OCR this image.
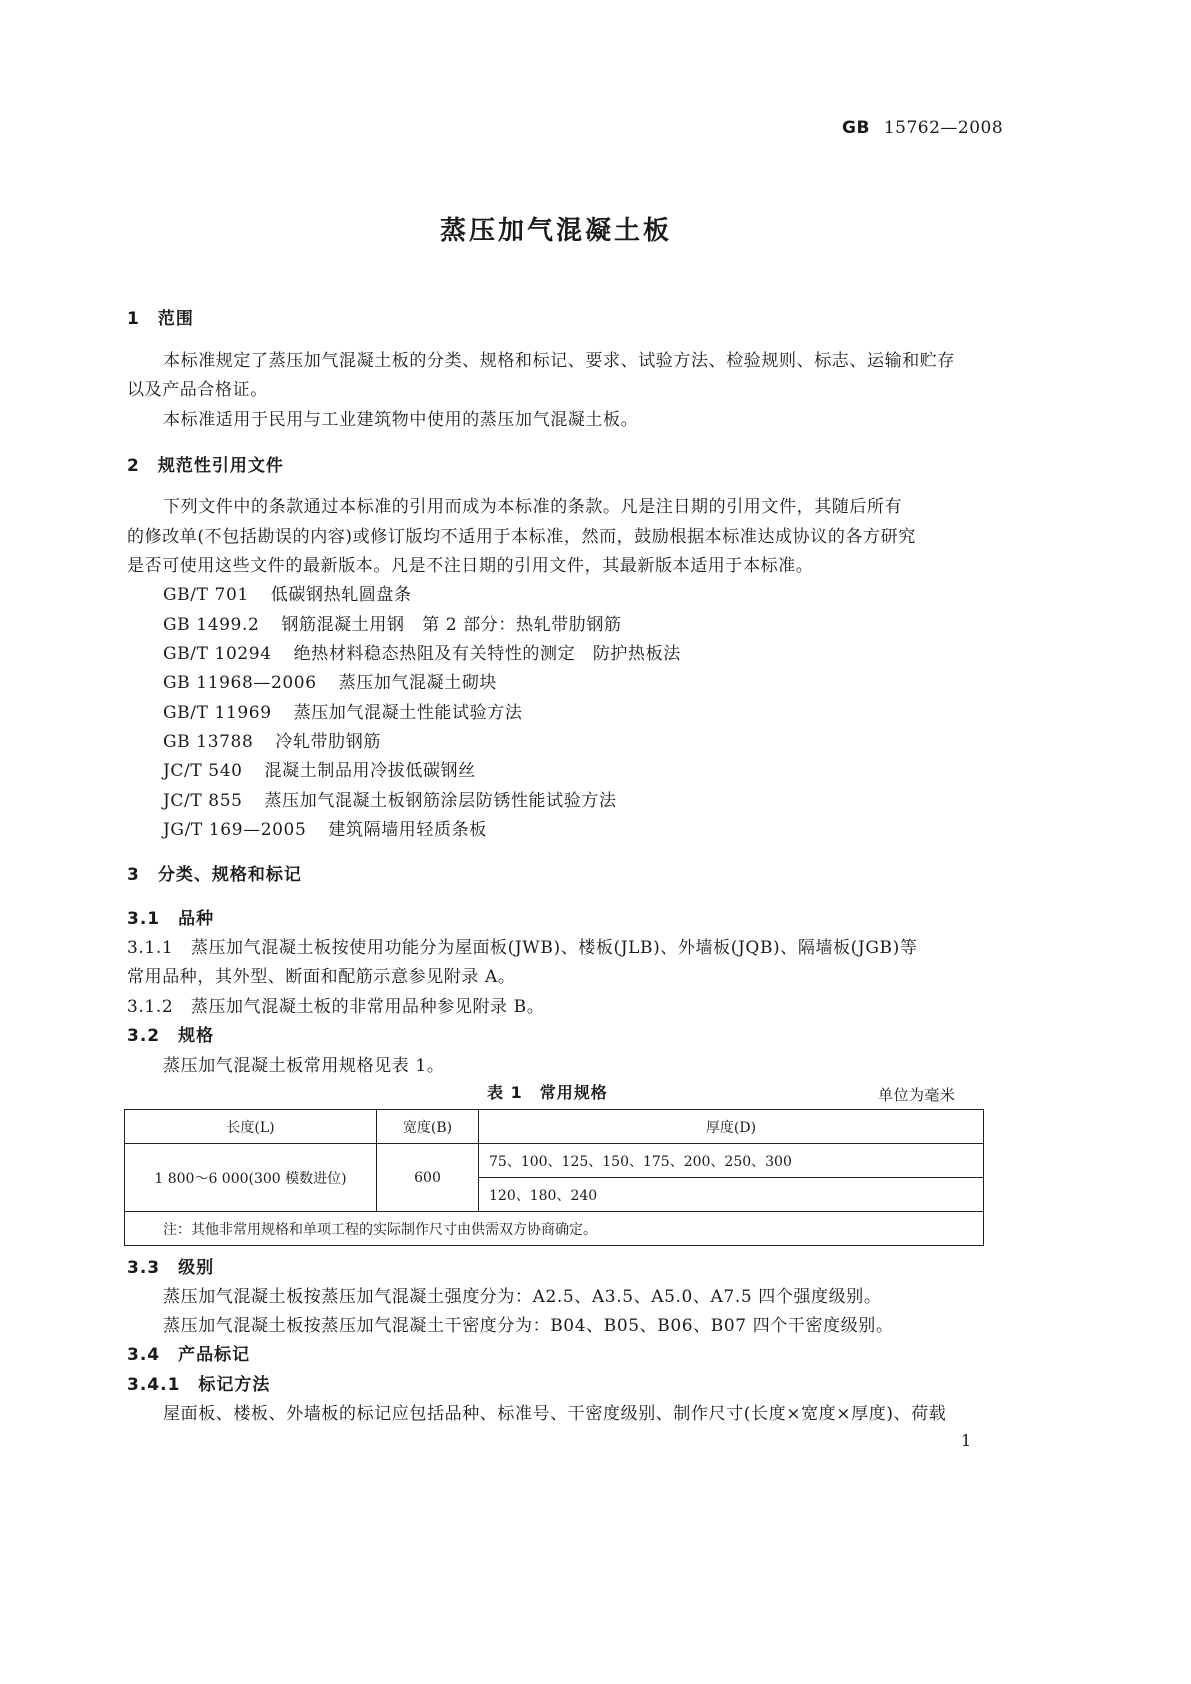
GB 15762—2008
蒸压加气混凝土板
1　范围
本标准规定了蒸压加气混凝土板的分类、规格和标记、要求、试验方法、检验规则、标志、运输和贮存
以及产品合格证。
本标准适用于民用与工业建筑物中使用的蒸压加气混凝土板。
2　规范性引用文件
下列文件中的条款通过本标准的引用而成为本标准的条款。凡是注日期的引用文件，其随后所有
的修改单(不包括勘误的内容)或修订版均不适用于本标准，然而，鼓励根据本标准达成协议的各方研究
是否可使用这些文件的最新版本。凡是不注日期的引用文件，其最新版本适用于本标准。
GB/T 701 低碳钢热轧圆盘条
GB 1499.2 钢筋混凝土用钢　第 2 部分：热轧带肋钢筋
GB/T 10294 绝热材料稳态热阻及有关特性的测定　防护热板法
GB 11968—2006 蒸压加气混凝土砌块
GB/T 11969 蒸压加气混凝土性能试验方法
GB 13788 冷轧带肋钢筋
JC/T 540 混凝土制品用冷拔低碳钢丝
JC/T 855 蒸压加气混凝土板钢筋涂层防锈性能试验方法
JG/T 169—2005 建筑隔墙用轻质条板
3　分类、规格和标记
3.1　品种
3.1.1　蒸压加气混凝土板按使用功能分为屋面板(JWB)、楼板(JLB)、外墙板(JQB)、隔墙板(JGB)等
常用品种，其外型、断面和配筋示意参见附录 A。
3.1.2　蒸压加气混凝土板的非常用品种参见附录 B。
3.2　规格
蒸压加气混凝土板常用规格见表 1。
表 1　常用规格	单位为毫米
长度(L)	宽度(B)	厚度(D)
1 800～6 000(300 模数进位)	600	75、100、125、150、175、200、250、300
		120、180、240
注：其他非常用规格和单项工程的实际制作尺寸由供需双方协商确定。		
3.3　级别
蒸压加气混凝土板按蒸压加气混凝土强度分为：A2.5、A3.5、A5.0、A7.5 四个强度级别。
蒸压加气混凝土板按蒸压加气混凝土干密度分为：B04、B05、B06、B07 四个干密度级别。
3.4　产品标记
3.4.1　标记方法
屋面板、楼板、外墙板的标记应包括品种、标准号、干密度级别、制作尺寸(长度×宽度×厚度)、荷载
1
